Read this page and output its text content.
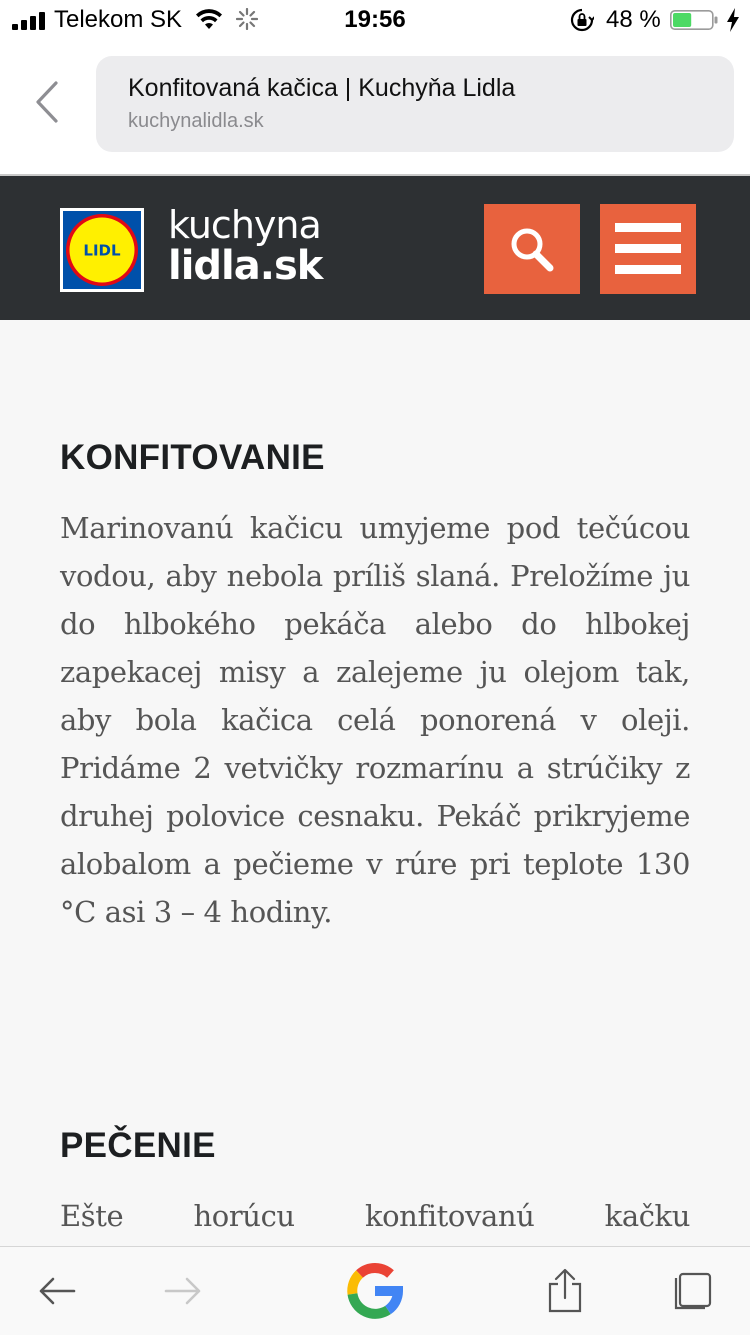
Telekom SK	19:56	48 %
Konfitovaná kačica | Kuchyňa Lidla
kuchynalidla.sk
LIDL
kuchyna
lidla.sk
KONFITOVANIE

Marinovanú kačicu umyjeme pod tečúcou vodou, aby nebola príliš slaná. Preložíme ju do hlbokého pekáča alebo do hlbokej zapekacej misy a zalejeme ju olejom tak, aby bola kačica celá ponorená v oleji. Pridáme 2 vetvičky rozmarínu a strúčiky z druhej polovice cesnaku. Pekáč prikryjeme alobalom a pečieme v rúre pri teplote 130 °C asi 3 – 4 hodiny.

PEČENIE

Ešte horúcu konfitovanú kačku
